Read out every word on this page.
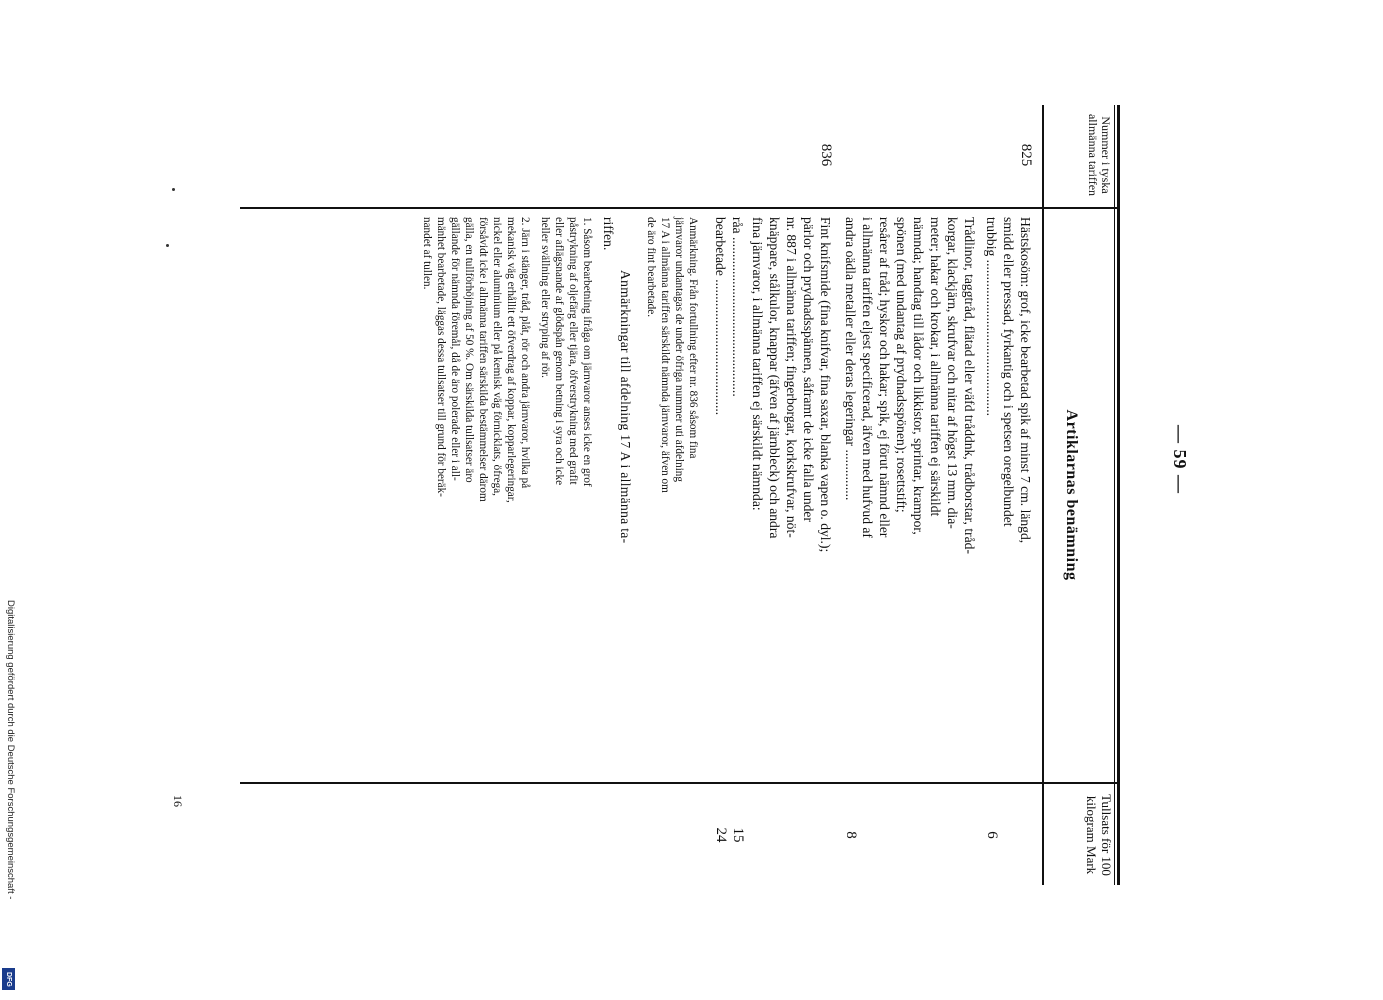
— 59 —
Nummer i tyska allmänna tariffen
Artiklarnas benämning
Tullsats för 100 kilogram Mark
825
Hästskosöm: grof, icke bearbetad spik af minst 7 cm. längd,
smidd eller pressad, fyrkantig och i spetsen oregelbundet
trubbig ..............................................
6
Trådlinor, taggtråd, flätad eller väfd tråddnk, trådborstar, tråd-
korgar, klackjärn, skrufvar och nitar af högst 13 mm. dia-
meter; hakar och krokar, i allmänna tariffen ej särskildt
nämnda; handtag till lådor och likkistor, sprintar, krampor,
spönen (med undantag af prydnadsspönen); rosettstift;
resårer af tråd; hyskor och hakar; spik, ej förut nämnd eller
i allmänna tariffen eljest specificerad, äfven med hufvud af
andra oädla metaller eller deras legeringar ...............
8
836
Fint knifsmide (fina knifvar, fina saxar, blanka vapen o. dyl.);
pärlor och prydnadsspännen, såframt de icke falla under
nr. 887 i allmänna tariffen; fingerborgar, korkskrufvar, nöt-
knäppare, stålkulor, knappar (äfven af järnbleck) och andra
fina järnvaror, i allmänna tariffen ej särskildt nämnda:
råa ...............................................
15
bearbetade ........................................
24
Anmärkning. Från fortullning efter nr. 836 såsom fina
järnvaror undantagas de under öfriga nummer uti afdelning
17 A i allmänna tariffen särskildt nämnda järnvaror, äfven om
de äro fint bearbetade.
Anmärkningar till afdelning 17 A i allmänna ta-
riffen.
1. Såsom bearbetning ifråga om järnvaror anses icke en grof
påstrykning af oljefärg eller tjära, öfverstrykning med grafit
eller aflägsnande af glödspån genom betning i syra och icke
heller svällning eller stryping af rör.
2. Järn i stänger, tråd, plåt, rör och andra järnvaror, hvilka på
mekanisk väg erhållit ett öfverdrag af koppar, kopparlegeringar,
nickel eller aluminium eller på kemisk väg förnicklats, öfrega,
försåvidt icke i allmänna tariffen särskilda bestämmelser därom
gälla, en tullförhöjning af 50 %. Om särskilda tullsatser äro
gällande för nämnda föremål, då de äro polerade eller i all-
mänhet bearbetade, läggas dessa tullsatser till grund för beräk-
nandet af tullen.
16
Digitalisierung gefördert durch die Deutsche Forschungsgemeinschaft -
DFG
